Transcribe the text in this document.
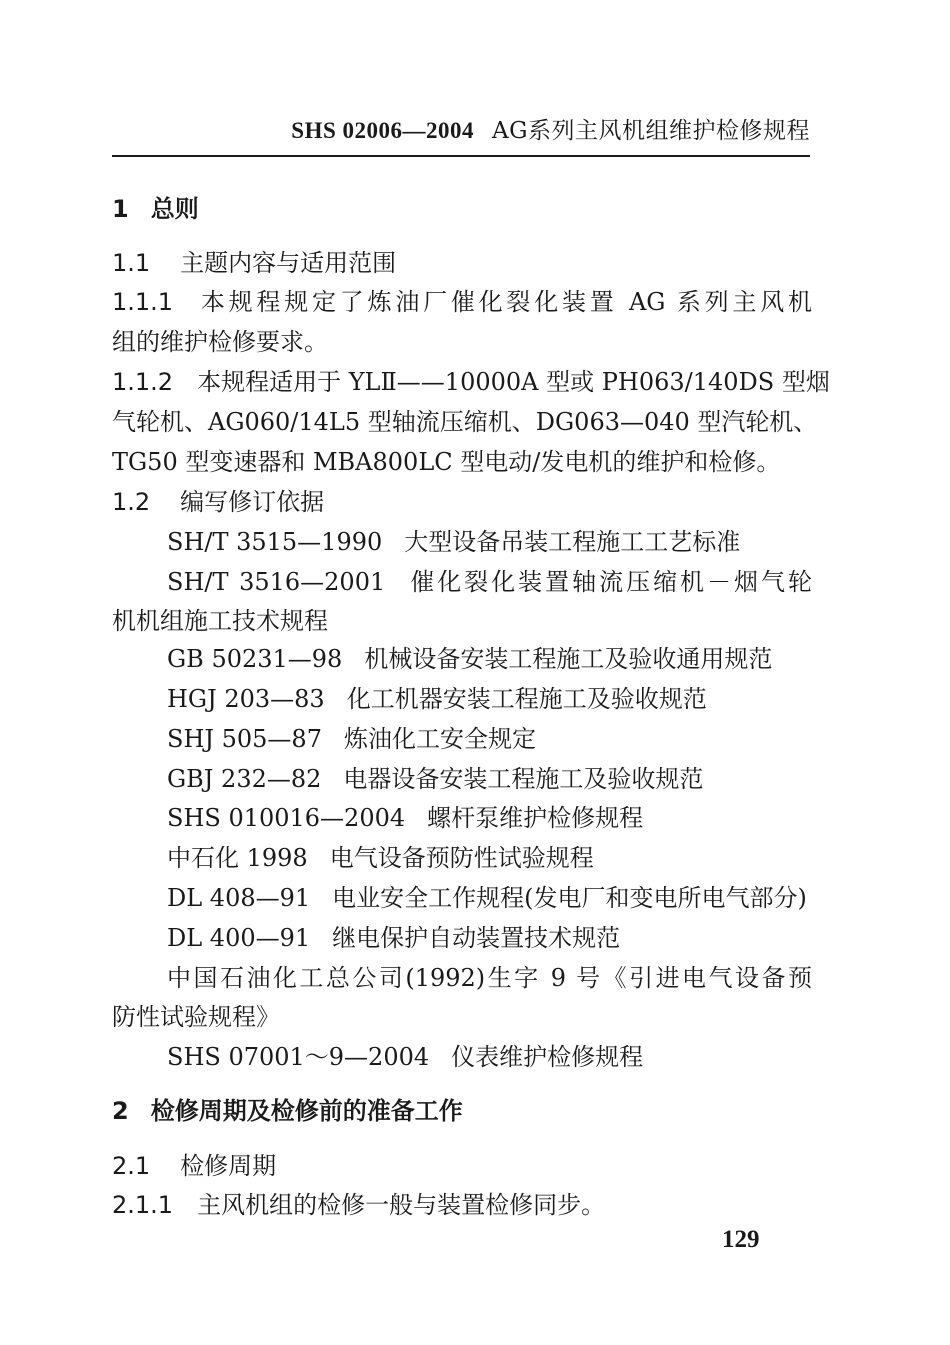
SHS 02006—2004 AG系列主风机组维护检修规程
1 总则
1.1 主题内容与适用范围
1.1.1 本规程规定了炼油厂催化裂化装置 AG 系列主风机
组的维护检修要求。
1.1.2 本规程适用于 YLⅡ——10000A 型或 PH063/140DS 型烟
气轮机、AG060/14L5 型轴流压缩机、DG063—040 型汽轮机、
TG50 型变速器和 MBA800LC 型电动/发电机的维护和检修。
1.2 编写修订依据
SH/T 3515—1990 大型设备吊装工程施工工艺标准
SH/T 3516—2001 催化裂化装置轴流压缩机－烟气轮
机机组施工技术规程
GB 50231—98 机械设备安装工程施工及验收通用规范
HGJ 203—83 化工机器安装工程施工及验收规范
SHJ 505—87 炼油化工安全规定
GBJ 232—82 电器设备安装工程施工及验收规范
SHS 010016—2004 螺杆泵维护检修规程
中石化 1998 电气设备预防性试验规程
DL 408—91 电业安全工作规程(发电厂和变电所电气部分)
DL 400—91 继电保护自动装置技术规范
中国石油化工总公司(1992)生字 9 号《引进电气设备预
防性试验规程》
SHS 07001～9—2004 仪表维护检修规程
2 检修周期及检修前的准备工作
2.1 检修周期
2.1.1 主风机组的检修一般与装置检修同步。
129
